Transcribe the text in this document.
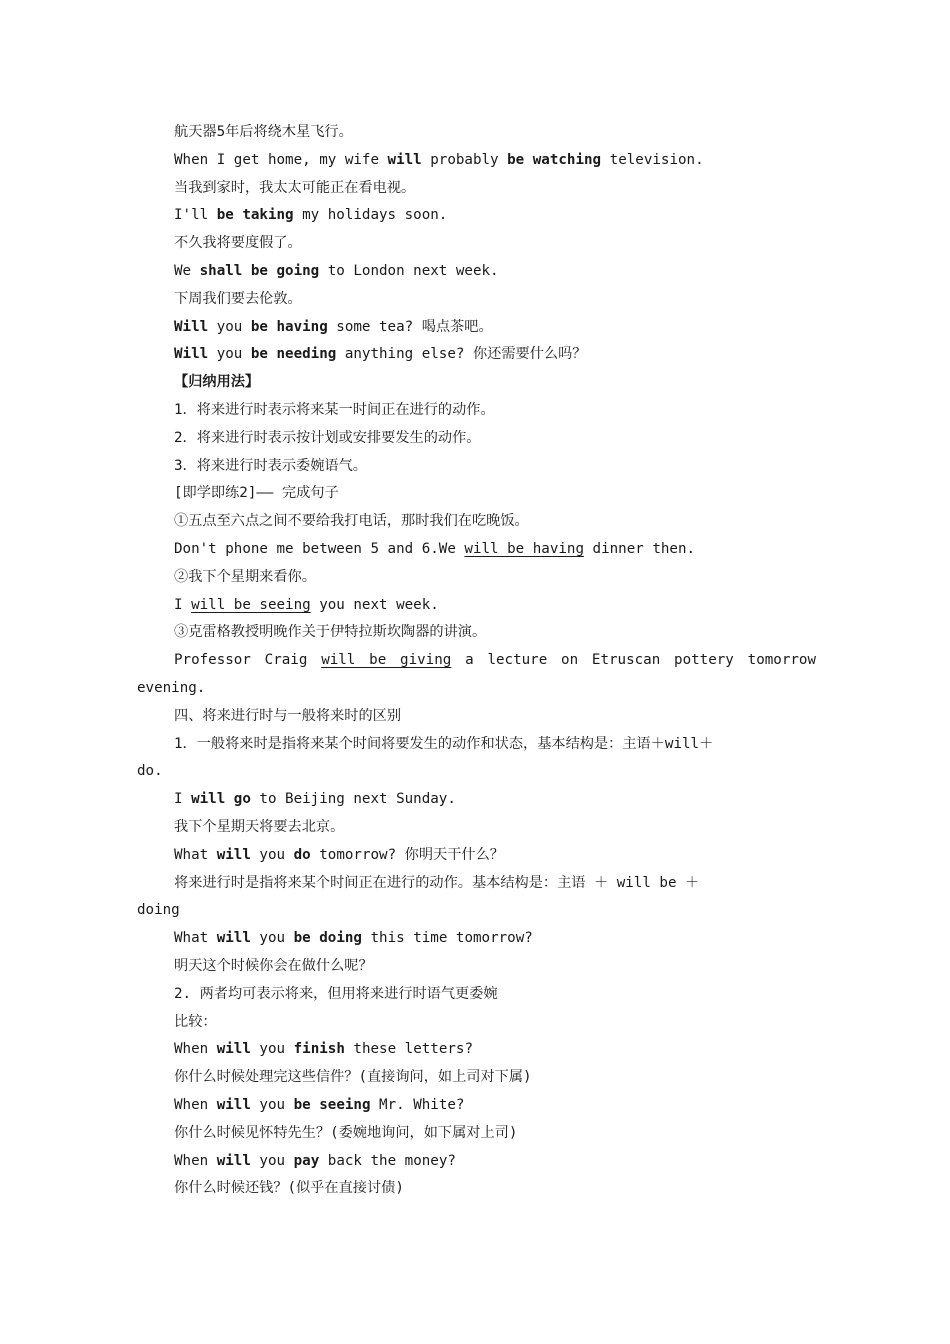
航天器5年后将绕木星飞行。
When I get home, my wife will probably be watching television.
当我到家时，我太太可能正在看电视。
I'll be taking my holidays soon.
不久我将要度假了。
We shall be going to London next week.
下周我们要去伦敦。
Will you be having some tea? 喝点茶吧。
Will you be needing anything else? 你还需要什么吗？
【归纳用法】
1．将来进行时表示将来某一时间正在进行的动作。
2．将来进行时表示按计划或安排要发生的动作。
3．将来进行时表示委婉语气。
[即学即练2]—— 完成句子
①五点至六点之间不要给我打电话，那时我们在吃晚饭。
Don't phone me between 5 and 6.We will be having dinner then.
②我下个星期来看你。
I will be seeing you next week.
③克雷格教授明晚作关于伊特拉斯坎陶器的讲演。
Professor Craig will be giving a lecture on Etruscan pottery tomorrow
evening.
四、将来进行时与一般将来时的区别
1．一般将来时是指将来某个时间将要发生的动作和状态，基本结构是：主语＋will＋
do.
I will go to Beijing next Sunday.
我下个星期天将要去北京。
What will you do tomorrow? 你明天干什么？
将来进行时是指将来某个时间正在进行的动作。基本结构是：主语 ＋ will be ＋
doing
What will you be doing this time tomorrow?
明天这个时候你会在做什么呢？
2. 两者均可表示将来，但用将来进行时语气更委婉
比较：
When will you finish these letters?
你什么时候处理完这些信件？(直接询问，如上司对下属)
When will you be seeing Mr. White?
你什么时候见怀特先生？(委婉地询问，如下属对上司)
When will you pay back the money?
你什么时候还钱？(似乎在直接讨债)
